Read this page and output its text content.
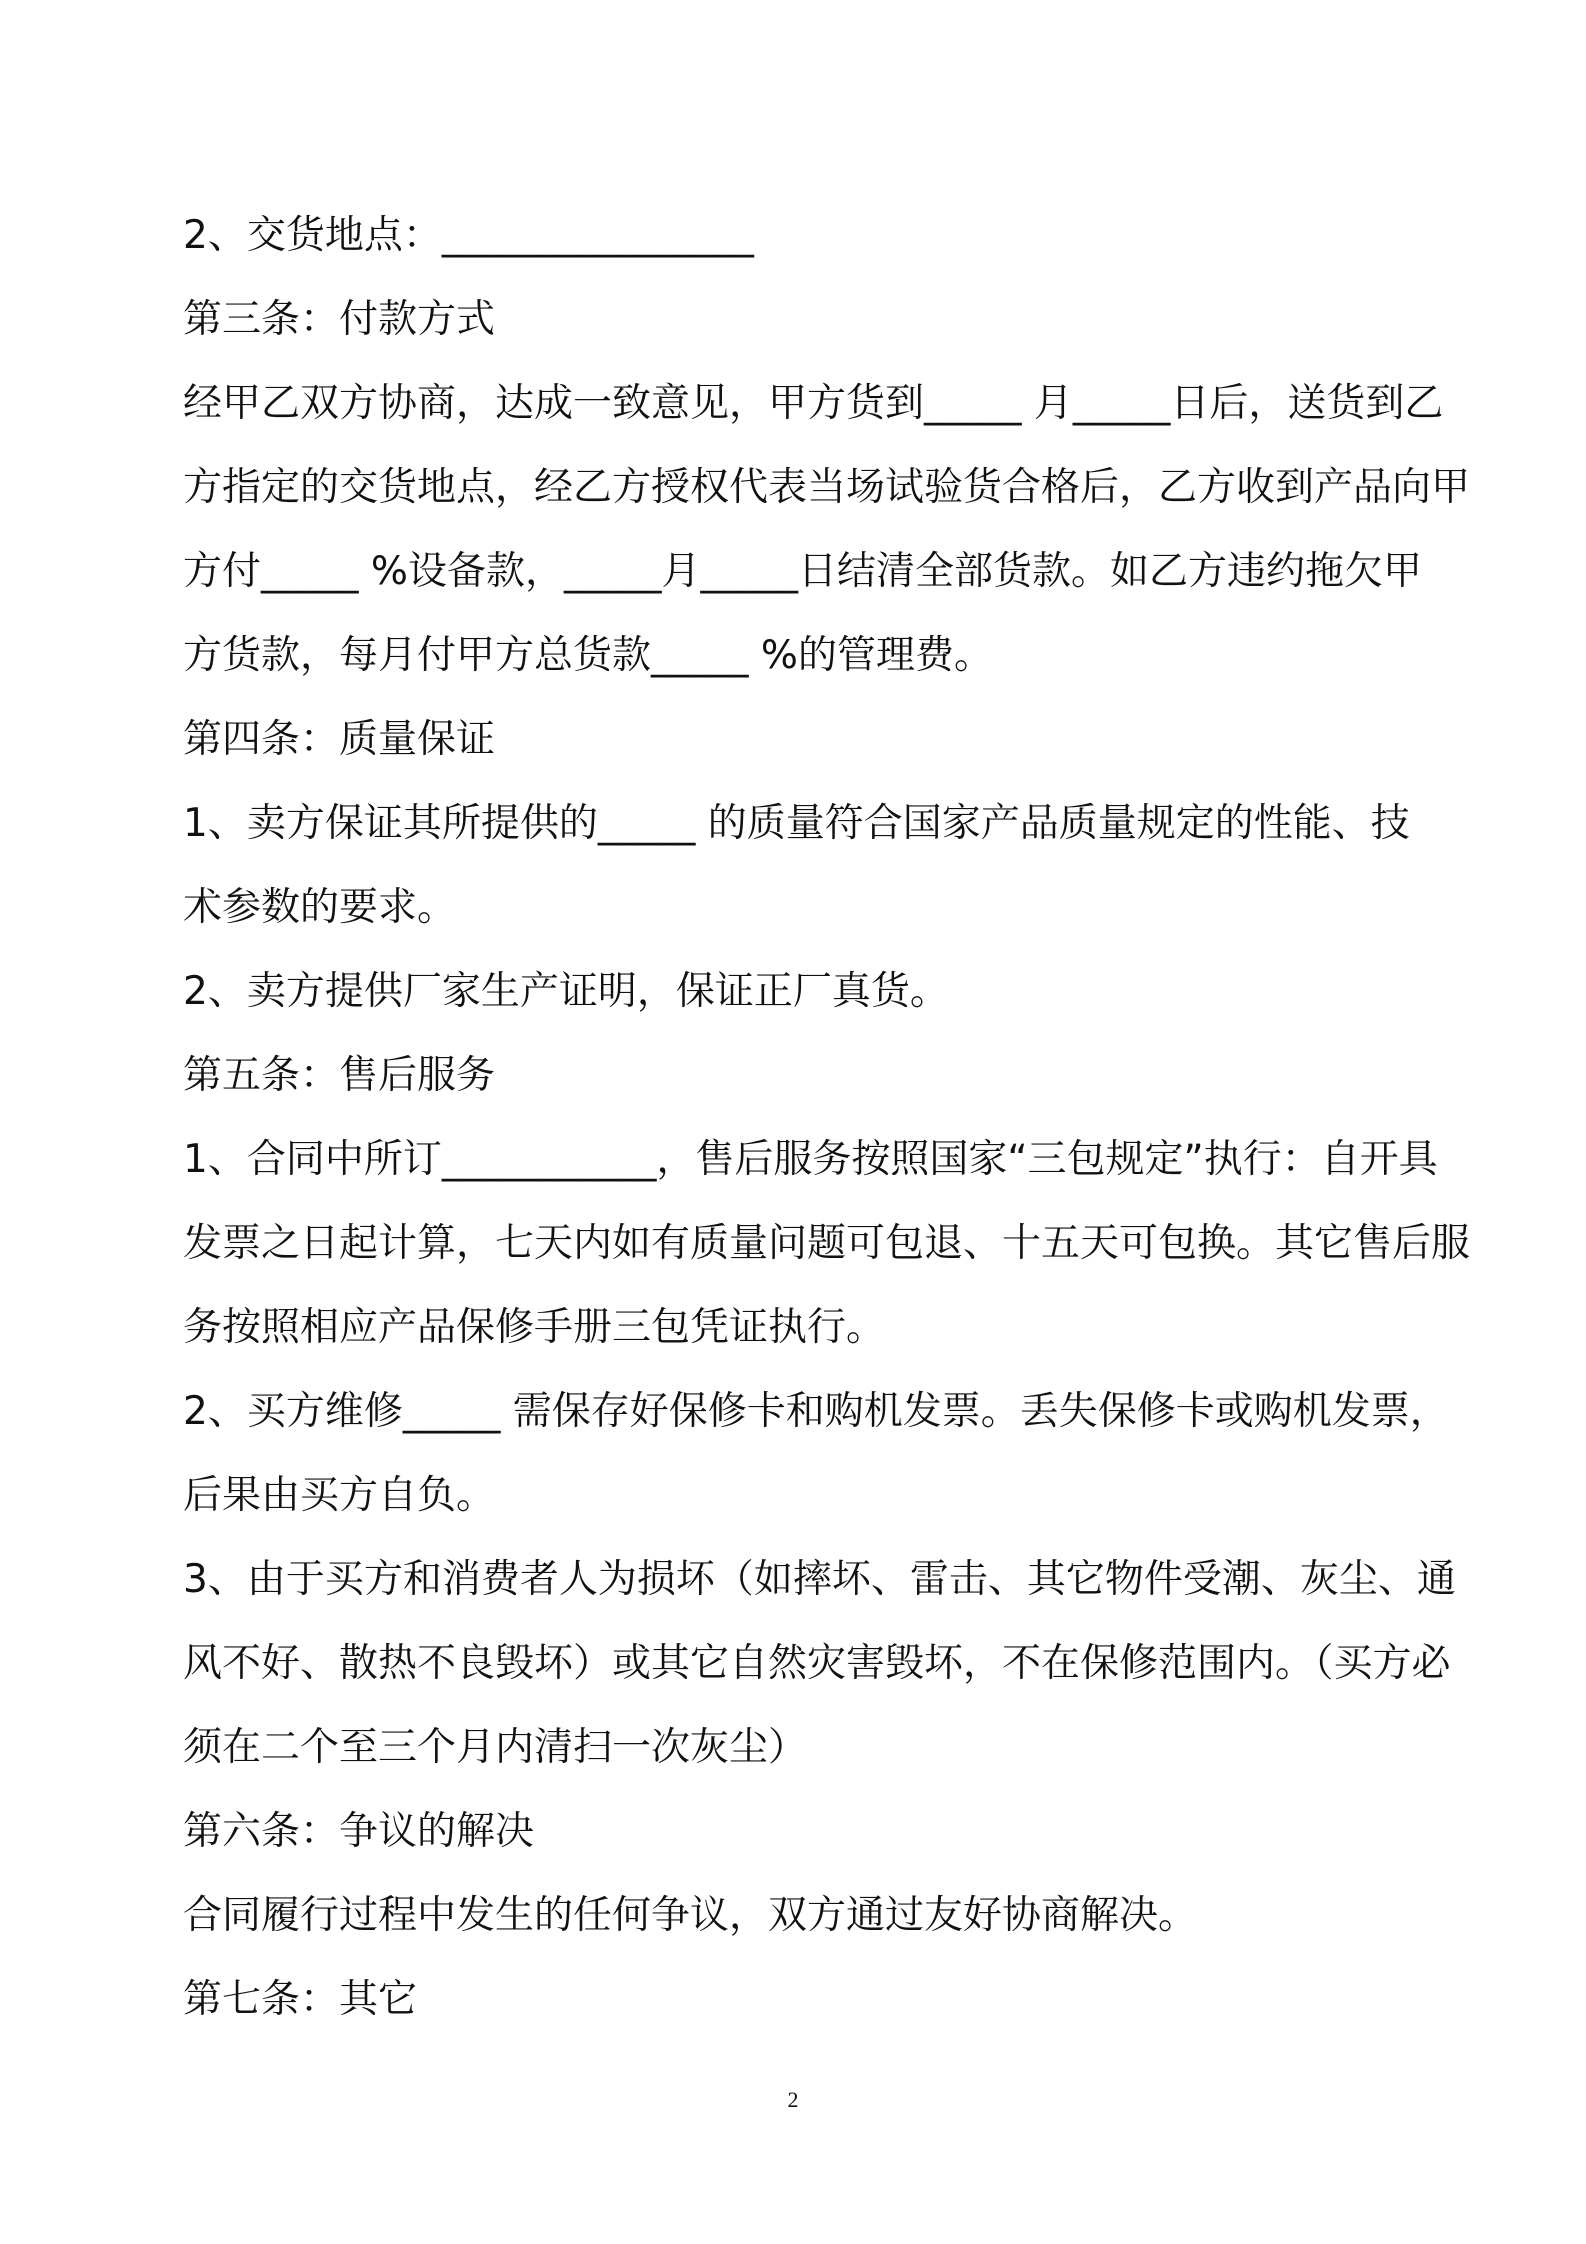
2、交货地点：________________
第三条：付款方式
经甲乙双方协商，达成一致意见，甲方货到_____ 月_____日后，送货到乙
方指定的交货地点，经乙方授权代表当场试验货合格后，乙方收到产品向甲
方付_____ %设备款，_____月_____日结清全部货款。如乙方违约拖欠甲
方货款，每月付甲方总货款_____ %的管理费。
第四条：质量保证
1、卖方保证其所提供的_____ 的质量符合国家产品质量规定的性能、技
术参数的要求。
2、卖方提供厂家生产证明，保证正厂真货。
第五条：售后服务
1、合同中所订___________，售后服务按照国家“三包规定”执行：自开具
发票之日起计算，七天内如有质量问题可包退、十五天可包换。其它售后服
务按照相应产品保修手册三包凭证执行。
2、买方维修_____ 需保存好保修卡和购机发票。丢失保修卡或购机发票，
后果由买方自负。
3、由于买方和消费者人为损坏（如摔坏、雷击、其它物件受潮、灰尘、通
风不好、散热不良毁坏）或其它自然灾害毁坏，不在保修范围内。（买方必
须在二个至三个月内清扫一次灰尘）
第六条：争议的解决
合同履行过程中发生的任何争议，双方通过友好协商解决。
第七条：其它
2
